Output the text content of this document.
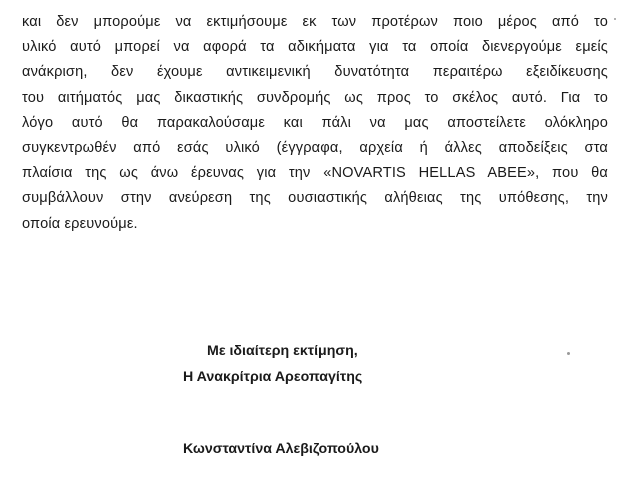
και δεν μπορούμε να εκτιμήσουμε εκ των προτέρων ποιο μέρος από το
υλικό αυτό μπορεί να αφορά τα αδικήματα για τα οποία διενεργούμε εμείς
ανάκριση, δεν έχουμε αντικειμενική δυνατότητα περαιτέρω εξειδίκευσης
του αιτήματός μας δικαστικής συνδρομής ως προς το σκέλος αυτό. Για το
λόγο αυτό θα παρακαλούσαμε και πάλι να μας αποστείλετε ολόκληρο
συγκεντρωθέν από εσάς υλικό (έγγραφα, αρχεία ή άλλες αποδείξεις στα
πλαίσια της ως άνω έρευνας για την «NOVARTIS HELLAS ABEE», που θα
συμβάλλουν στην ανεύρεση της ουσιαστικής αλήθειας της υπόθεσης, την
οποία ερευνούμε.
Με ιδιαίτερη εκτίμηση,
Η Ανακρίτρια Αρεοπαγίτης
Κωνσταντίνα Αλεβιζοπούλου
